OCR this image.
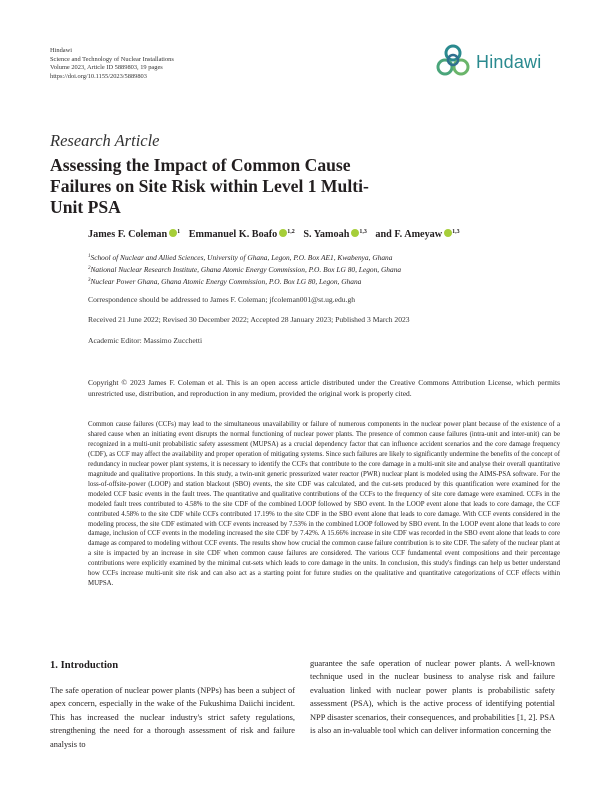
Hindawi
Science and Technology of Nuclear Installations
Volume 2023, Article ID 5889803, 19 pages
https://doi.org/10.1155/2023/5889803
Hindawi
Research Article
Assessing the Impact of Common Cause Failures on Site Risk within Level 1 Multi-Unit PSA
James F. Coleman $^1$ Emmanuel K. Boafo $^{1,2}$ S. Yamoah $^{1,3}$ and F. Ameyaw $^{1,3}$
$^1$School of Nuclear and Allied Sciences, University of Ghana, Legon, P.O. Box AE1, Kwabenya, Ghana
$^2$National Nuclear Research Institute, Ghana Atomic Energy Commission, P.O. Box LG 80, Legon, Ghana
$^3$Nuclear Power Ghana, Ghana Atomic Energy Commission, P.O. Box LG 80, Legon, Ghana
Correspondence should be addressed to James F. Coleman; jfcoleman001@st.ug.edu.gh
Received 21 June 2022; Revised 30 December 2022; Accepted 28 January 2023; Published 3 March 2023
Academic Editor: Massimo Zucchetti
Copyright © 2023 James F. Coleman et al. This is an open access article distributed under the Creative Commons Attribution License, which permits unrestricted use, distribution, and reproduction in any medium, provided the original work is properly cited.
Common cause failures (CCFs) may lead to the simultaneous unavailability or failure of numerous components in the nuclear power plant because of the existence of a shared cause when an initiating event disrupts the normal functioning of nuclear power plants. The presence of common cause failures (intra-unit and inter-unit) can be recognized in a multi-unit probabilistic safety assessment (MUPSA) as a crucial dependency factor that can influence accident scenarios and the core damage frequency (CDF), as CCF may affect the availability and proper operation of mitigating systems. Since such failures are likely to significantly undermine the benefits of the concept of redundancy in nuclear power plant systems, it is necessary to identify the CCFs that contribute to the core damage in a multi-unit site and analyse their overall quantitative magnitude and qualitative proportions. In this study, a twin-unit generic pressurized water reactor (PWR) nuclear plant is modeled using the AIMS-PSA software. For the loss-of-offsite-power (LOOP) and station blackout (SBO) events, the site CDF was calculated, and the cut-sets produced by this quantification were examined for the modeled CCF basic events in the fault trees. The quantitative and qualitative contributions of the CCFs to the frequency of site core damage were examined. CCFs in the modeled fault trees contributed to 4.58% to the site CDF of the combined LOOP followed by SBO event. In the LOOP event alone that leads to core damage, the CCF contributed 4.58% to the site CDF while CCFs contributed 17.19% to the site CDF in the SBO event alone that leads to core damage. With CCF events considered in the modeling process, the site CDF estimated with CCF events increased by 7.53% in the combined LOOP followed by SBO event. In the LOOP event alone that leads to core damage, inclusion of CCF events in the modeling increased the site CDF by 7.42%. A 15.66% increase in site CDF was recorded in the SBO event alone that leads to core damage as compared to modeling without CCF events. The results show how crucial the common cause failure contribution is to site CDF. The safety of the nuclear plant at a site is impacted by an increase in site CDF when common cause failures are considered. The various CCF fundamental event compositions and their percentage contributions were explicitly examined by the minimal cut-sets which leads to core damage in the units. In conclusion, this study's findings can help us better understand how CCFs increase multi-unit site risk and can also act as a starting point for future studies on the qualitative and quantitative categorizations of CCF effects within MUPSA.
1. Introduction
The safe operation of nuclear power plants (NPPs) has been a subject of apex concern, especially in the wake of the Fukushima Daiichi incident. This has increased the nuclear industry's strict safety regulations, strengthening the need for a thorough assessment of risk and failure analysis to
guarantee the safe operation of nuclear power plants. A well-known technique used in the nuclear business to analyse risk and failure evaluation linked with nuclear power plants is probabilistic safety assessment (PSA), which is the active process of identifying potential NPP disaster scenarios, their consequences, and probabilities [1, 2]. PSA is also an in-valuable tool which can deliver information concerning the
